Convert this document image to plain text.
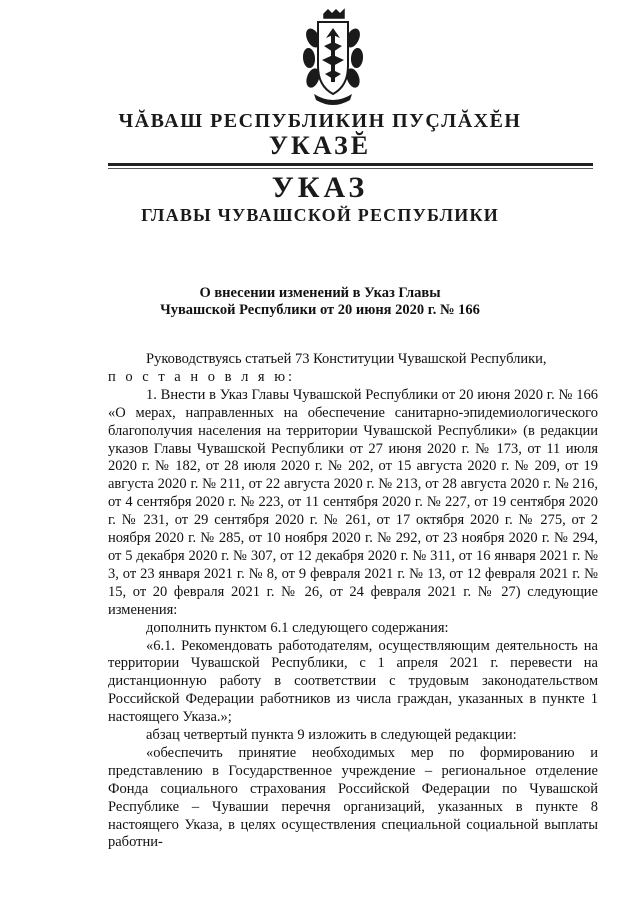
ЧĂВАШ РЕСПУБЛИКИН ПУÇЛĂХĔН
УКАЗĔ
УКАЗ
ГЛАВЫ ЧУВАШСКОЙ РЕСПУБЛИКИ
О внесении изменений в Указ Главы
Чувашской Республики от 20 июня 2020 г. № 166

Руководствуясь статьей 73 Конституции Чувашской Республики,

п о с т а н о в л я ю:

1. Внести в Указ Главы Чувашской Республики от 20 июня 2020 г. № 166 «О мерах, направленных на обеспечение санитарно-эпидемиологического благополучия населения на территории Чувашской Республики» (в редакции указов Главы Чувашской Республики от 27 июня 2020 г. № 173, от 11 июля 2020 г. № 182, от 28 июля 2020 г. № 202, от 15 августа 2020 г. № 209, от 19 августа 2020 г. № 211, от 22 августа 2020 г. № 213, от 28 августа 2020 г. № 216, от 4 сентября 2020 г. № 223, от 11 сентября 2020 г. № 227, от 19 сентября 2020 г. № 231, от 29 сентября 2020 г. № 261, от 17 октября 2020 г. № 275, от 2 ноября 2020 г. № 285, от 10 ноября 2020 г. № 292, от 23 ноября 2020 г. № 294, от 5 декабря 2020 г. № 307, от 12 декабря 2020 г. № 311, от 16 января 2021 г. № 3, от 23 января 2021 г. № 8, от 9 февраля 2021 г. № 13, от 12 февраля 2021 г. № 15, от 20 февраля 2021 г. № 26, от 24 февраля 2021 г. № 27) следующие изменения:

дополнить пунктом 6.1 следующего содержания:

«6.1. Рекомендовать работодателям, осуществляющим деятельность на территории Чувашской Республики, с 1 апреля 2021 г. перевести на дистанционную работу в соответствии с трудовым законодательством Российской Федерации работников из числа граждан, указанных в пункте 1 настоящего Указа.»;

абзац четвертый пункта 9 изложить в следующей редакции:

«обеспечить принятие необходимых мер по формированию и представлению в Государственное учреждение – региональное отделение Фонда социального страхования Российской Федерации по Чувашской Республике – Чувашии перечня организаций, указанных в пункте 8 настоящего Указа, в целях осуществления специальной социальной выплаты работни-
